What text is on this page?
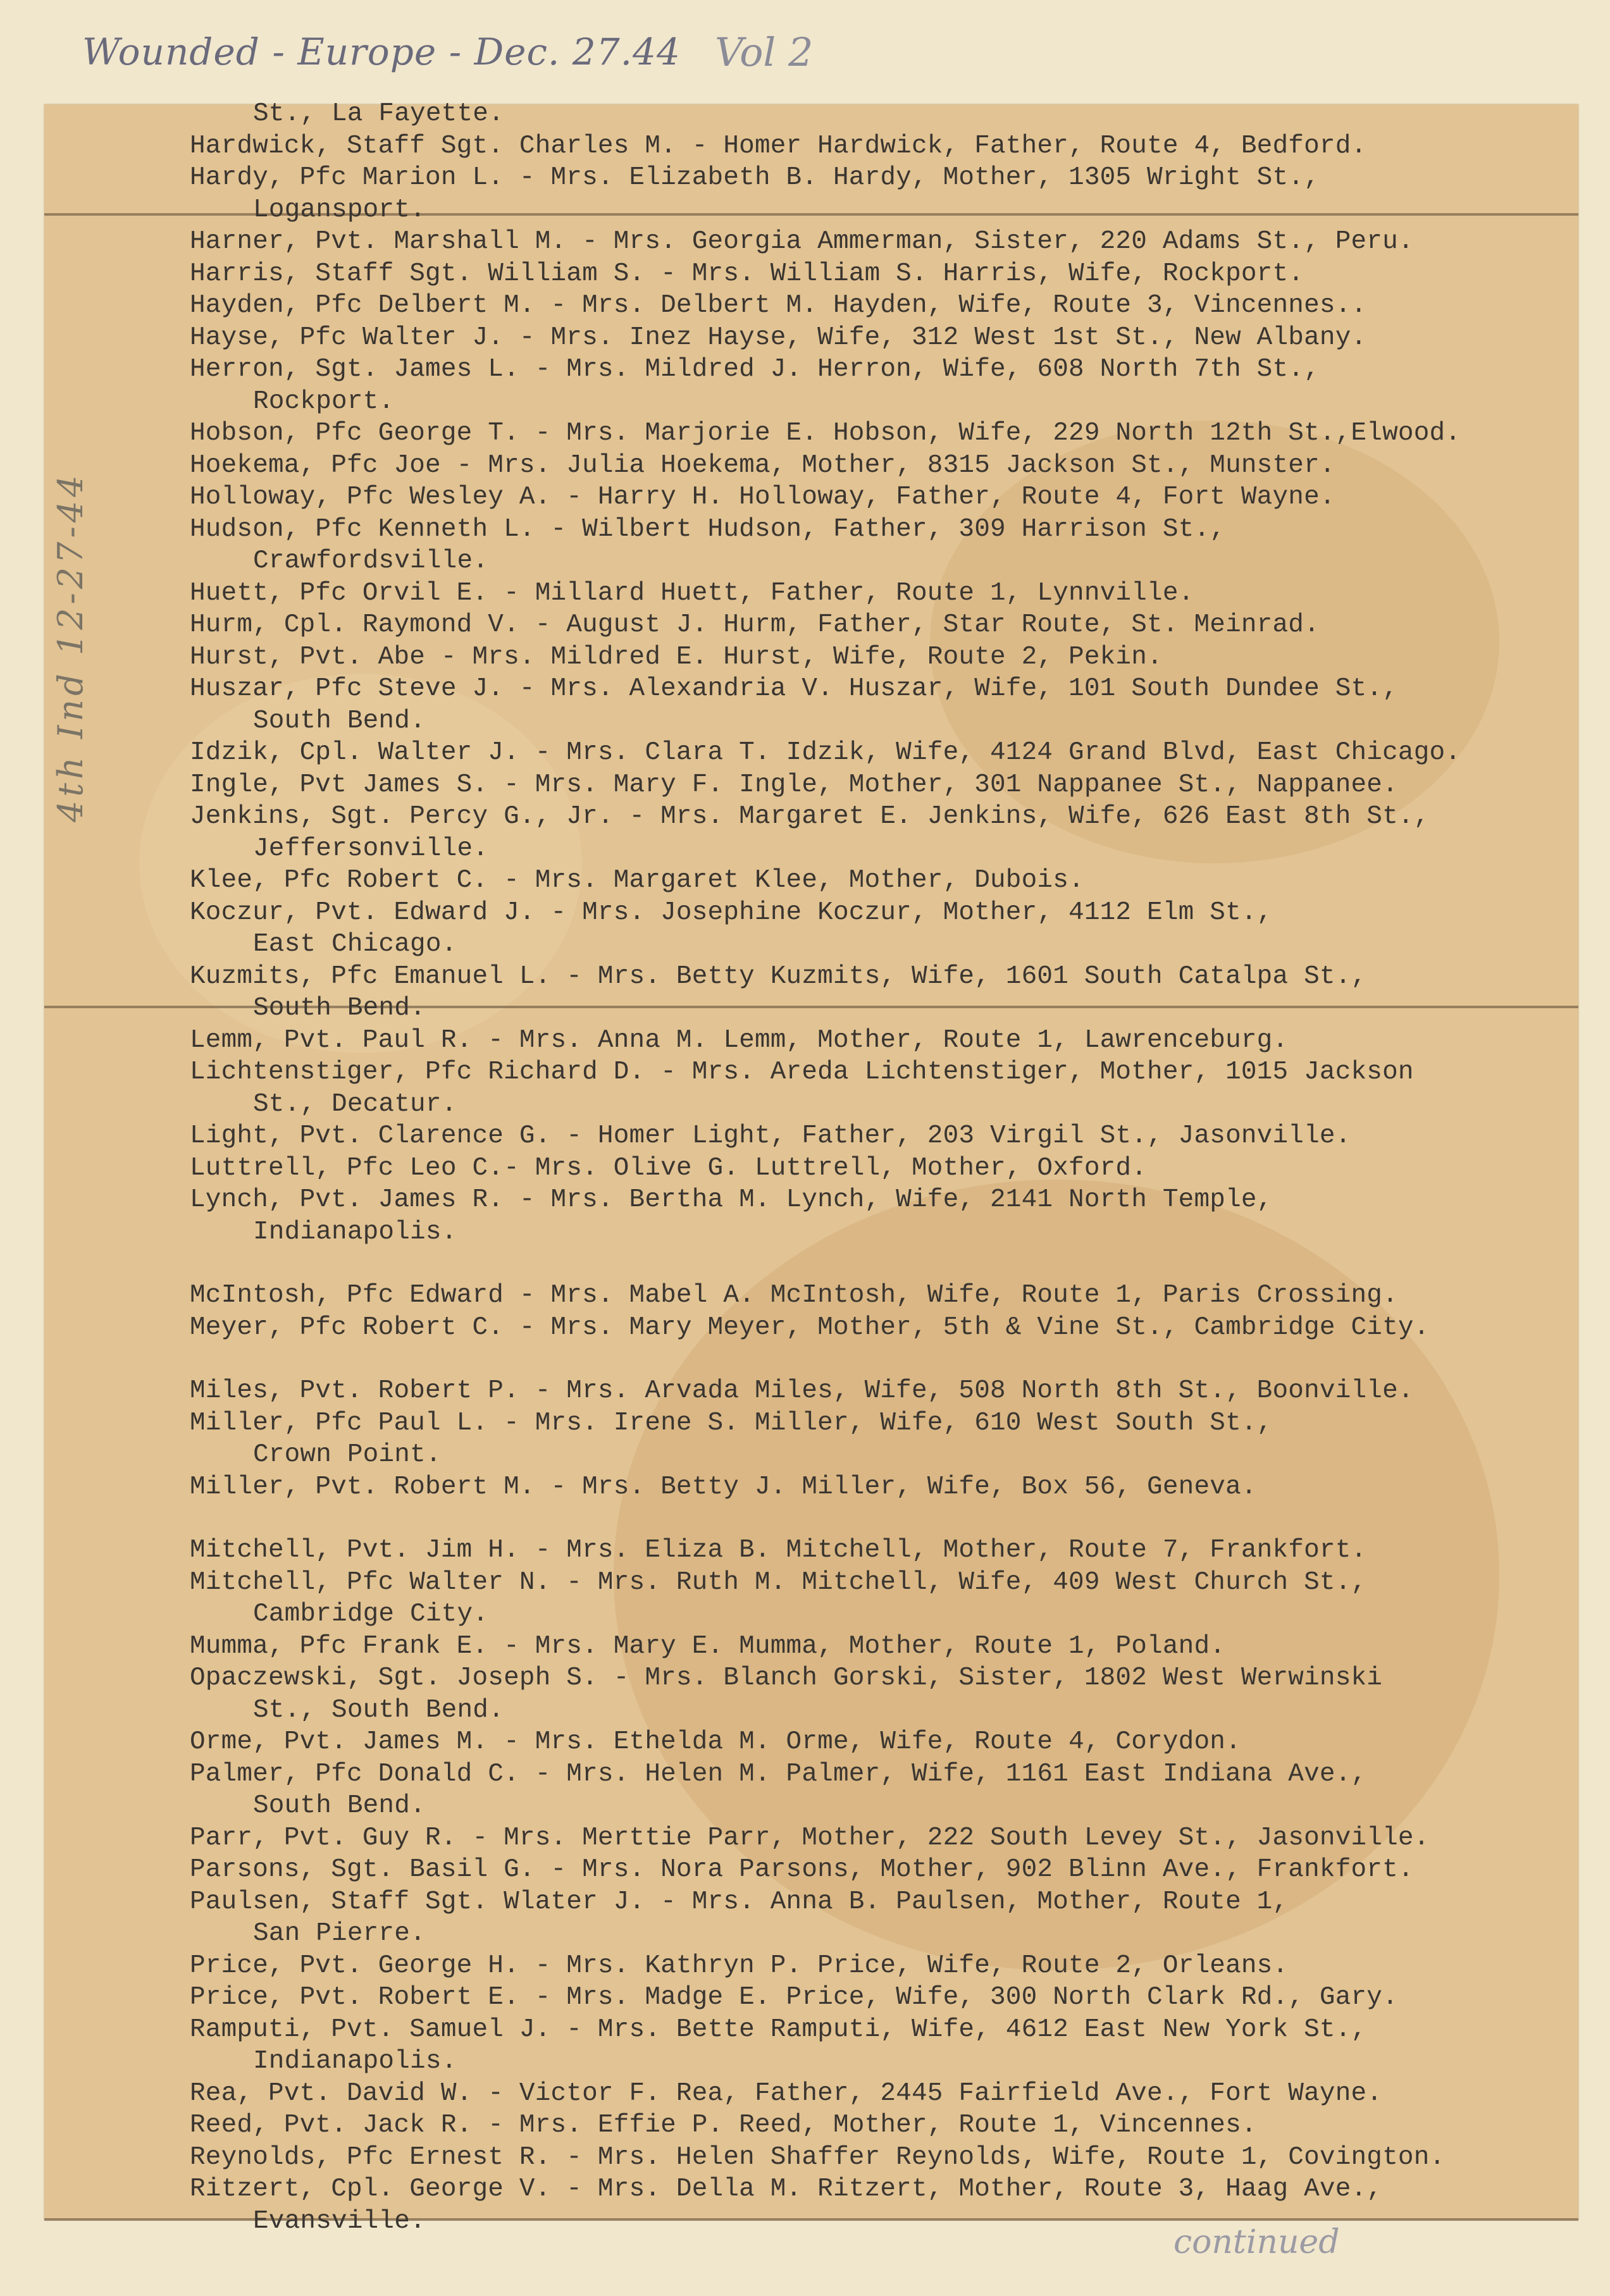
Wounded - Europe - Dec. 27.44 Vol 2
St., La Fayette.
Hardwick, Staff Sgt. Charles M. - Homer Hardwick, Father, Route 4, Bedford.
Hardy, Pfc Marion L. - Mrs. Elizabeth B. Hardy, Mother, 1305 Wright St.,
Logansport.
Harner, Pvt. Marshall M. - Mrs. Georgia Ammerman, Sister, 220 Adams St., Peru.
Harris, Staff Sgt. William S. - Mrs. William S. Harris, Wife, Rockport.
Hayden, Pfc Delbert M. - Mrs. Delbert M. Hayden, Wife, Route 3, Vincennes..
Hayse, Pfc Walter J. - Mrs. Inez Hayse, Wife, 312 West 1st St., New Albany.
Herron, Sgt. James L. - Mrs. Mildred J. Herron, Wife, 608 North 7th St.,
Rockport.
Hobson, Pfc George T. - Mrs. Marjorie E. Hobson, Wife, 229 North 12th St.,Elwood.
Hoekema, Pfc Joe - Mrs. Julia Hoekema, Mother, 8315 Jackson St., Munster.
Holloway, Pfc Wesley A. - Harry H. Holloway, Father, Route 4, Fort Wayne.
Hudson, Pfc Kenneth L. - Wilbert Hudson, Father, 309 Harrison St.,
Crawfordsville.
Huett, Pfc Orvil E. - Millard Huett, Father, Route 1, Lynnville.
Hurm, Cpl. Raymond V. - August J. Hurm, Father, Star Route, St. Meinrad.
Hurst, Pvt. Abe - Mrs. Mildred E. Hurst, Wife, Route 2, Pekin.
Huszar, Pfc Steve J. - Mrs. Alexandria V. Huszar, Wife, 101 South Dundee St.,
South Bend.
Idzik, Cpl. Walter J. - Mrs. Clara T. Idzik, Wife, 4124 Grand Blvd, East Chicago.
Ingle, Pvt James S. - Mrs. Mary F. Ingle, Mother, 301 Nappanee St., Nappanee.
Jenkins, Sgt. Percy G., Jr. - Mrs. Margaret E. Jenkins, Wife, 626 East 8th St.,
Jeffersonville.
Klee, Pfc Robert C. - Mrs. Margaret Klee, Mother, Dubois.
Koczur, Pvt. Edward J. - Mrs. Josephine Koczur, Mother, 4112 Elm St.,
East Chicago.
Kuzmits, Pfc Emanuel L. - Mrs. Betty Kuzmits, Wife, 1601 South Catalpa St.,
South Bend.
Lemm, Pvt. Paul R. - Mrs. Anna M. Lemm, Mother, Route 1, Lawrenceburg.
Lichtenstiger, Pfc Richard D. - Mrs. Areda Lichtenstiger, Mother, 1015 Jackson
St., Decatur.
Light, Pvt. Clarence G. - Homer Light, Father, 203 Virgil St., Jasonville.
Luttrell, Pfc Leo C.- Mrs. Olive G. Luttrell, Mother, Oxford.
Lynch, Pvt. James R. - Mrs. Bertha M. Lynch, Wife, 2141 North Temple,
Indianapolis.
McIntosh, Pfc Edward - Mrs. Mabel A. McIntosh, Wife, Route 1, Paris Crossing.
Meyer, Pfc Robert C. - Mrs. Mary Meyer, Mother, 5th & Vine St., Cambridge City.
Miles, Pvt. Robert P. - Mrs. Arvada Miles, Wife, 508 North 8th St., Boonville.
Miller, Pfc Paul L. - Mrs. Irene S. Miller, Wife, 610 West South St.,
Crown Point.
Miller, Pvt. Robert M. - Mrs. Betty J. Miller, Wife, Box 56, Geneva.
Mitchell, Pvt. Jim H. - Mrs. Eliza B. Mitchell, Mother, Route 7, Frankfort.
Mitchell, Pfc Walter N. - Mrs. Ruth M. Mitchell, Wife, 409 West Church St.,
Cambridge City.
Mumma, Pfc Frank E. - Mrs. Mary E. Mumma, Mother, Route 1, Poland.
Opaczewski, Sgt. Joseph S. - Mrs. Blanch Gorski, Sister, 1802 West Werwinski
St., South Bend.
Orme, Pvt. James M. - Mrs. Ethelda M. Orme, Wife, Route 4, Corydon.
Palmer, Pfc Donald C. - Mrs. Helen M. Palmer, Wife, 1161 East Indiana Ave.,
South Bend.
Parr, Pvt. Guy R. - Mrs. Merttie Parr, Mother, 222 South Levey St., Jasonville.
Parsons, Sgt. Basil G. - Mrs. Nora Parsons, Mother, 902 Blinn Ave., Frankfort.
Paulsen, Staff Sgt. Wlater J. - Mrs. Anna B. Paulsen, Mother, Route 1,
San Pierre.
Price, Pvt. George H. - Mrs. Kathryn P. Price, Wife, Route 2, Orleans.
Price, Pvt. Robert E. - Mrs. Madge E. Price, Wife, 300 North Clark Rd., Gary.
Ramputi, Pvt. Samuel J. - Mrs. Bette Ramputi, Wife, 4612 East New York St.,
Indianapolis.
Rea, Pvt. David W. - Victor F. Rea, Father, 2445 Fairfield Ave., Fort Wayne.
Reed, Pvt. Jack R. - Mrs. Effie P. Reed, Mother, Route 1, Vincennes.
Reynolds, Pfc Ernest R. - Mrs. Helen Shaffer Reynolds, Wife, Route 1, Covington.
Ritzert, Cpl. George V. - Mrs. Della M. Ritzert, Mother, Route 3, Haag Ave.,
Evansville.
4th Ind 12-27-44
continued
